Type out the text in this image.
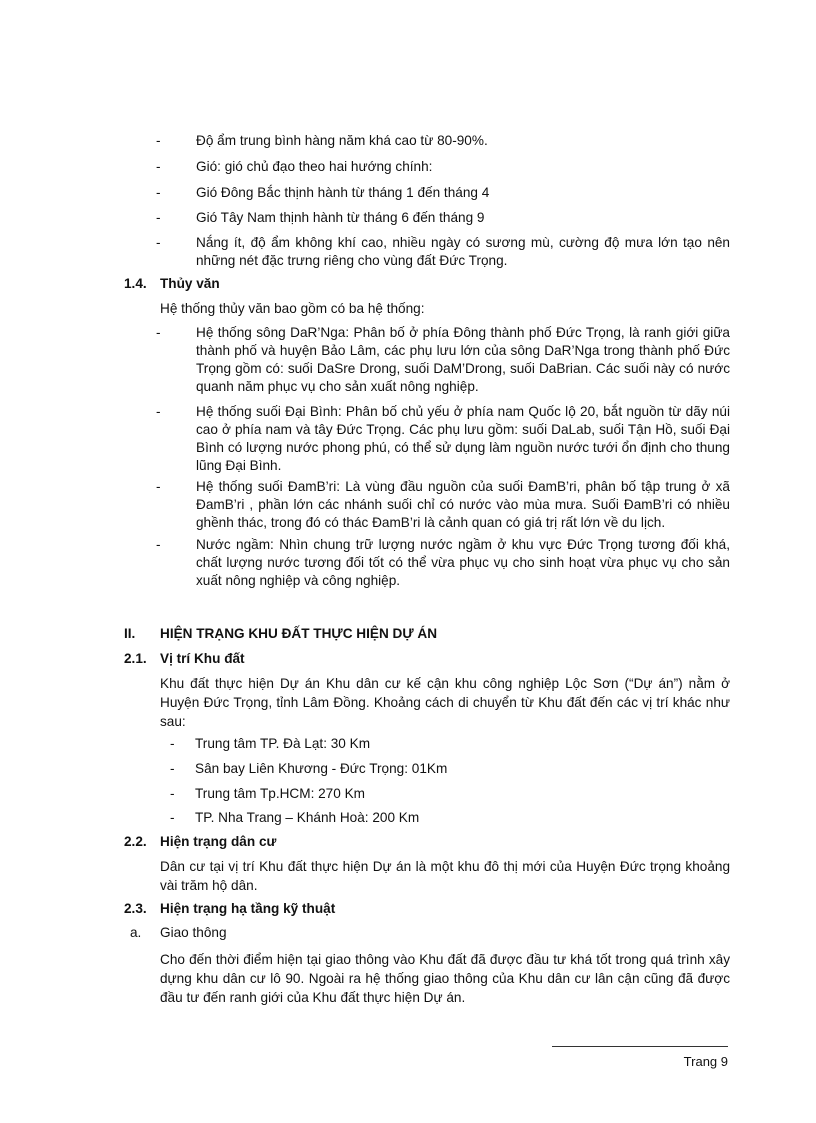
-	Độ ẩm trung bình hàng năm khá cao từ 80-90%.
-	Gió: gió chủ đạo theo hai hướng chính:
-	Gió Đông Bắc thịnh hành từ tháng 1 đến tháng 4
-	Gió Tây Nam thịnh hành từ tháng 6 đến tháng 9
-	Nắng ít, độ ẩm không khí cao, nhiều ngày có sương mù, cường độ mưa lớn tạo nên những nét đặc trưng riêng cho vùng đất Đức Trọng.
1.4. Thủy văn
Hệ thống thủy văn bao gồm có ba hệ thống:
-	Hệ thống sông DaR’Nga: Phân bố ở phía Đông thành phố Đức Trọng, là ranh giới giữa thành phố và huyện Bảo Lâm, các phụ lưu lớn của sông DaR’Nga trong thành phố Đức Trọng gồm có: suối DaSre Drong, suối DaM’Drong, suối DaBrian. Các suối này có nước quanh năm phục vụ cho sản xuất nông nghiệp.
-	Hệ thống suối Đại Bình: Phân bố chủ yếu ở phía nam Quốc lộ 20, bắt nguồn từ dãy núi cao ở phía nam và tây Đức Trọng. Các phụ lưu gồm: suối DaLab, suối Tận Hồ, suối Đại Bình có lượng nước phong phú, có thể sử dụng làm nguồn nước tưới ổn định cho thung lũng Đại Bình.
-	Hệ thống suối ĐamB’ri: Là vùng đầu nguồn của suối ĐamB’ri, phân bố tập trung ở xã ĐamB’ri , phần lớn các nhánh suối chỉ có nước vào mùa mưa. Suối ĐamB’ri có nhiều ghềnh thác, trong đó có thác ĐamB’ri là cảnh quan có giá trị rất lớn về du lịch.
-	Nước ngầm: Nhìn chung trữ lượng nước ngầm ở khu vực Đức Trọng tương đối khá, chất lượng nước tương đối tốt có thể vừa phục vụ cho sinh hoạt vừa phục vụ cho sản xuất nông nghiệp và công nghiệp.
II. HIỆN TRẠNG KHU ĐẤT THỰC HIỆN DỰ ÁN
2.1. Vị trí Khu đất
Khu đất thực hiện Dự án Khu dân cư kế cận khu công nghiệp Lộc Sơn (“Dự án”) nằm ở Huyện Đức Trọng, tỉnh Lâm Đồng. Khoảng cách di chuyển từ Khu đất đến các vị trí khác như sau:
- Trung tâm TP. Đà Lạt: 30 Km
- Sân bay Liên Khương - Đức Trọng: 01Km
- Trung tâm Tp.HCM: 270 Km
- TP. Nha Trang – Khánh Hoà: 200 Km
2.2. Hiện trạng dân cư
Dân cư tại vị trí Khu đất thực hiện Dự án là một khu đô thị mới của Huyện Đức trọng khoảng vài trăm hộ dân.
2.3. Hiện trạng hạ tầng kỹ thuật
a. Giao thông
Cho đến thời điểm hiện tại giao thông vào Khu đất đã được đầu tư khá tốt trong quá trình xây dựng khu dân cư lô 90. Ngoài ra hệ thống giao thông của Khu dân cư lân cận cũng đã được đầu tư đến ranh giới của Khu đất thực hiện Dự án.
Trang 9
